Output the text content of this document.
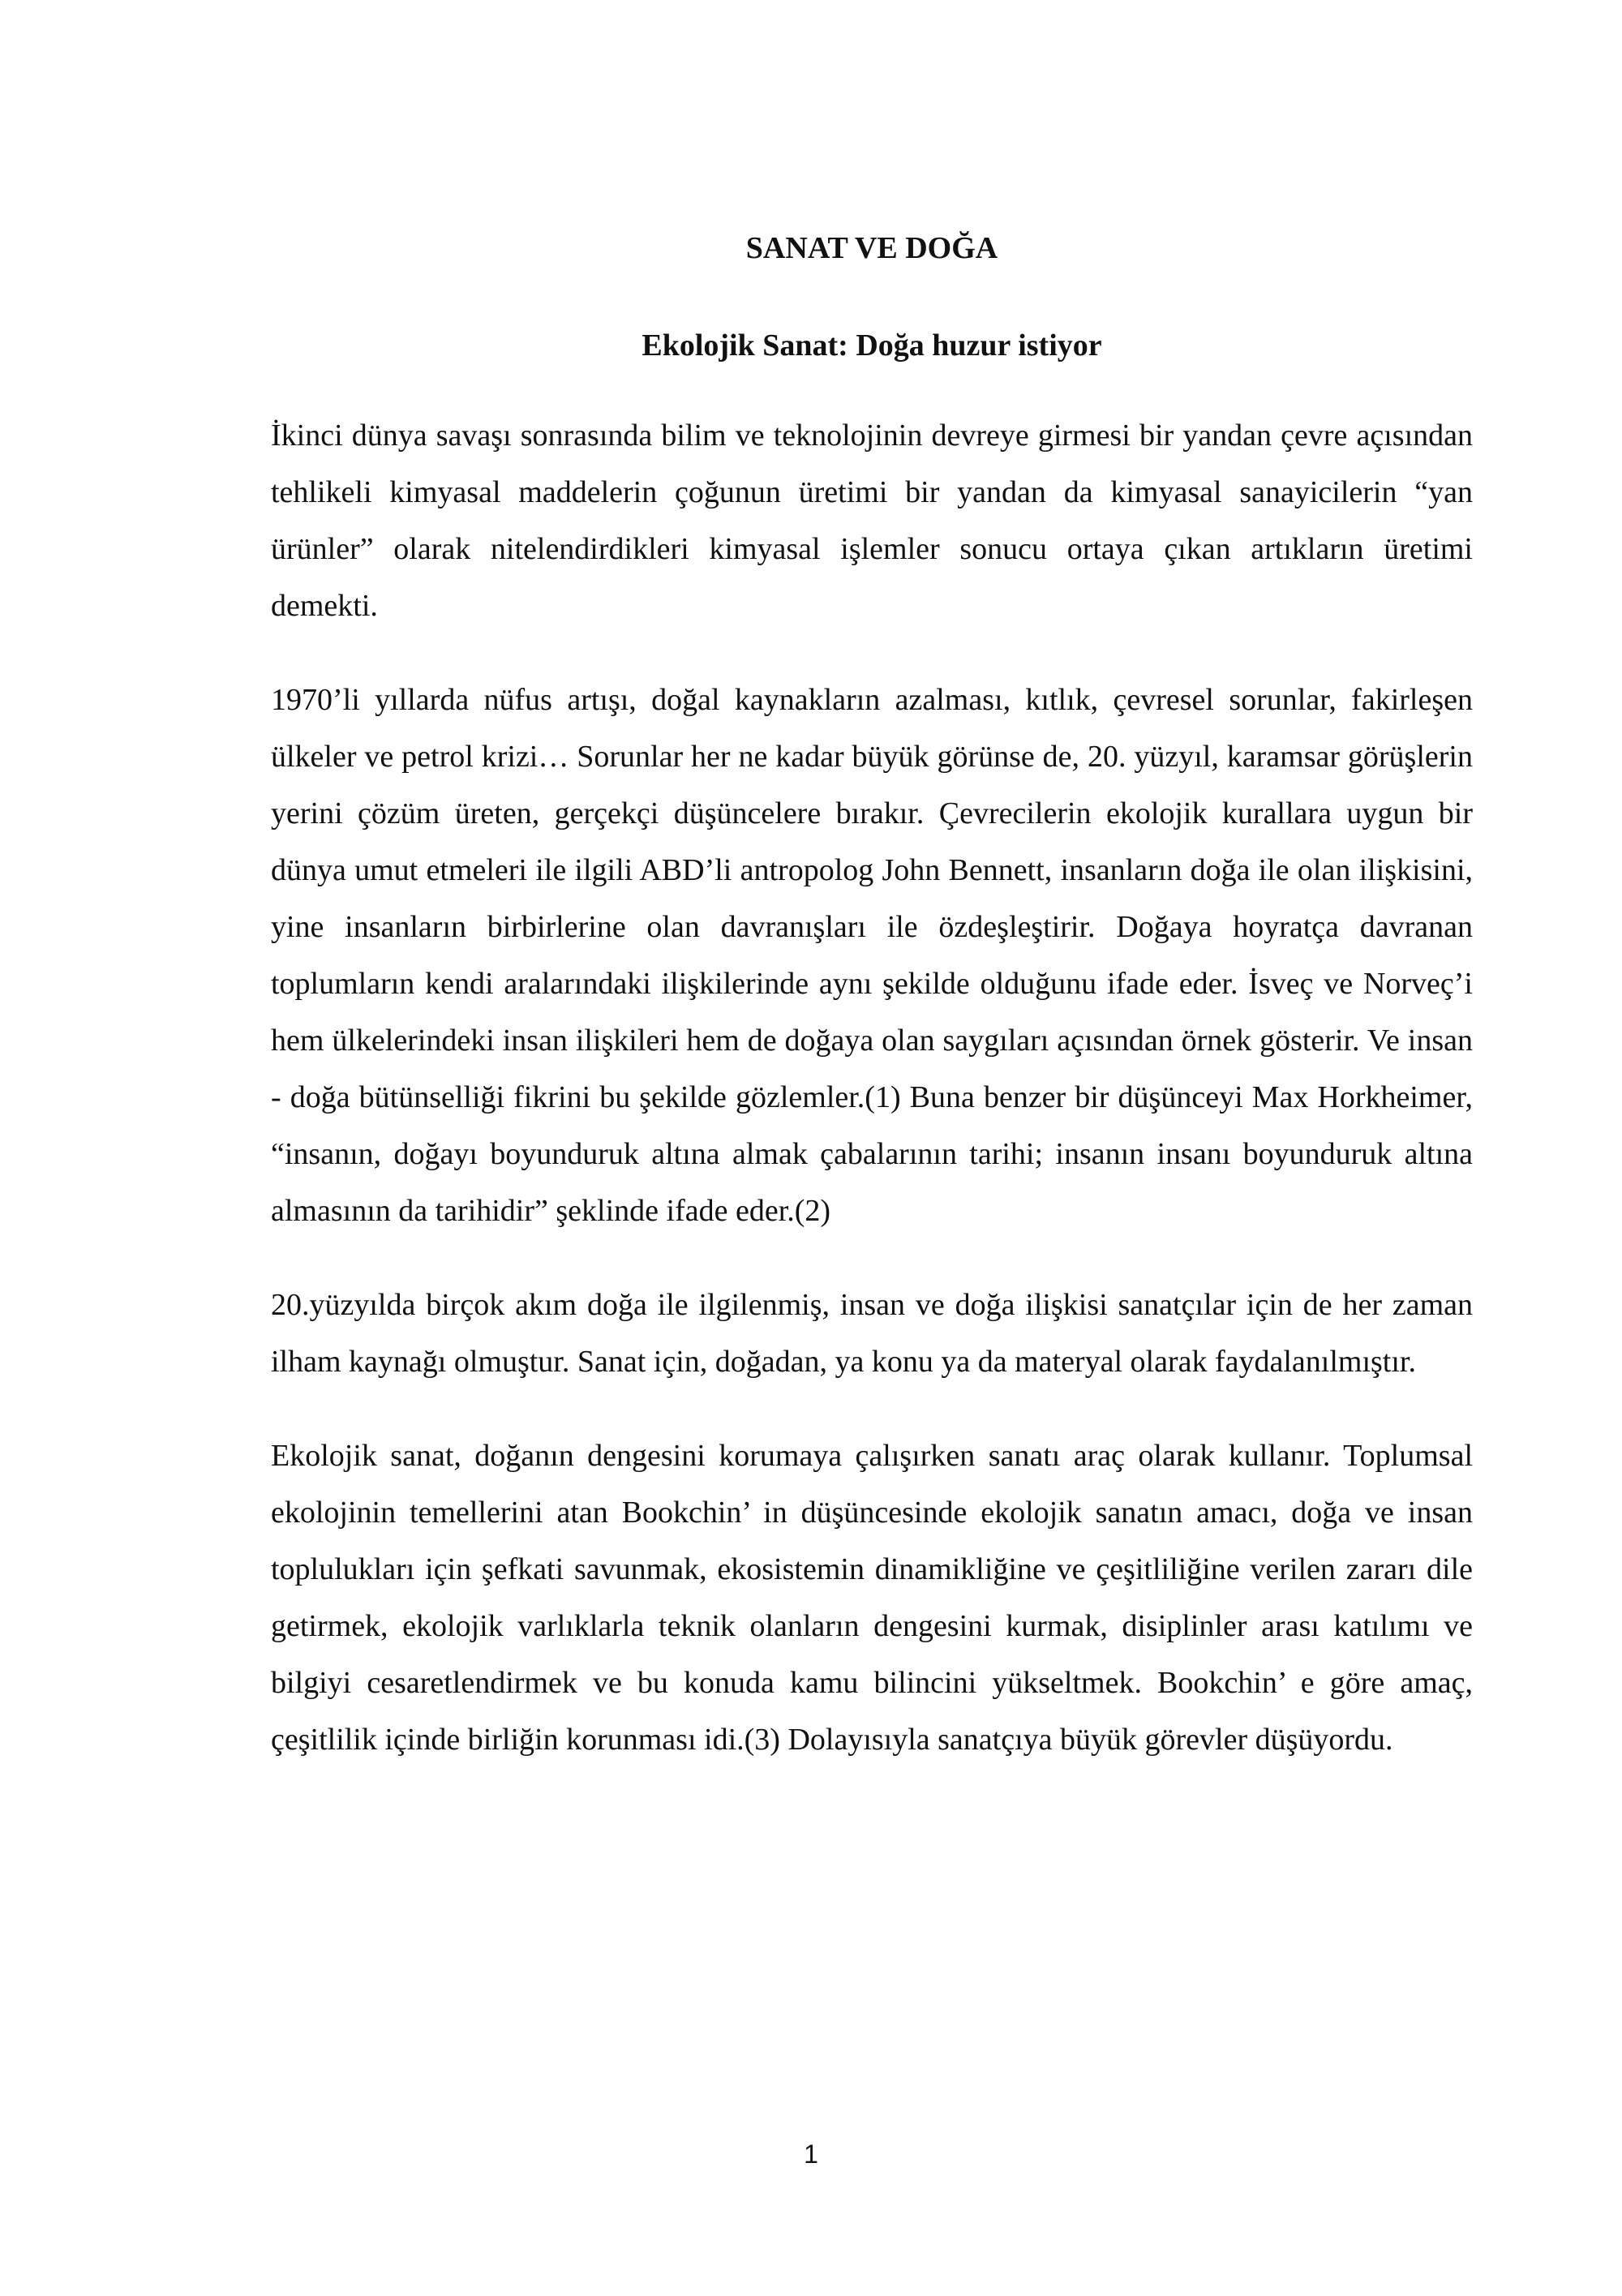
SANAT VE DOĞA
Ekolojik Sanat: Doğa huzur istiyor

İkinci dünya savaşı sonrasında bilim ve teknolojinin devreye girmesi bir yandan çevre açısından tehlikeli kimyasal maddelerin çoğunun üretimi bir yandan da kimyasal sanayicilerin “yan ürünler” olarak nitelendirdikleri kimyasal işlemler sonucu ortaya çıkan artıkların üretimi demekti.

1970’li yıllarda nüfus artışı, doğal kaynakların azalması, kıtlık, çevresel sorunlar, fakirleşen ülkeler ve petrol krizi… Sorunlar her ne kadar büyük görünse de, 20. yüzyıl, karamsar görüşlerin yerini çözüm üreten, gerçekçi düşüncelere bırakır. Çevrecilerin ekolojik kurallara uygun bir dünya umut etmeleri ile ilgili ABD’li antropolog John Bennett, insanların doğa ile olan ilişkisini, yine insanların birbirlerine olan davranışları ile özdeşleştirir. Doğaya hoyratça davranan toplumların kendi aralarındaki ilişkilerinde aynı şekilde olduğunu ifade eder. İsveç ve Norveç’i hem ülkelerindeki insan ilişkileri hem de doğaya olan saygıları açısından örnek gösterir. Ve insan - doğa bütünselliği fikrini bu şekilde gözlemler.(1) Buna benzer bir düşünceyi Max Horkheimer, “insanın, doğayı boyunduruk altına almak çabalarının tarihi; insanın insanı boyunduruk altına almasının da tarihidir” şeklinde ifade eder.(2)

20.yüzyılda birçok akım doğa ile ilgilenmiş, insan ve doğa ilişkisi sanatçılar için de her zaman ilham kaynağı olmuştur. Sanat için, doğadan, ya konu ya da materyal olarak faydalanılmıştır.

Ekolojik sanat, doğanın dengesini korumaya çalışırken sanatı araç olarak kullanır. Toplumsal ekolojinin temellerini atan Bookchin’ in düşüncesinde ekolojik sanatın amacı, doğa ve insan toplulukları için şefkati savunmak, ekosistemin dinamikliğine ve çeşitliliğine verilen zararı dile getirmek, ekolojik varlıklarla teknik olanların dengesini kurmak, disiplinler arası katılımı ve bilgiyi cesaretlendirmek ve bu konuda kamu bilincini yükseltmek. Bookchin’ e göre amaç, çeşitlilik içinde birliğin korunması idi.(3) Dolayısıyla sanatçıya büyük görevler düşüyordu.

1
